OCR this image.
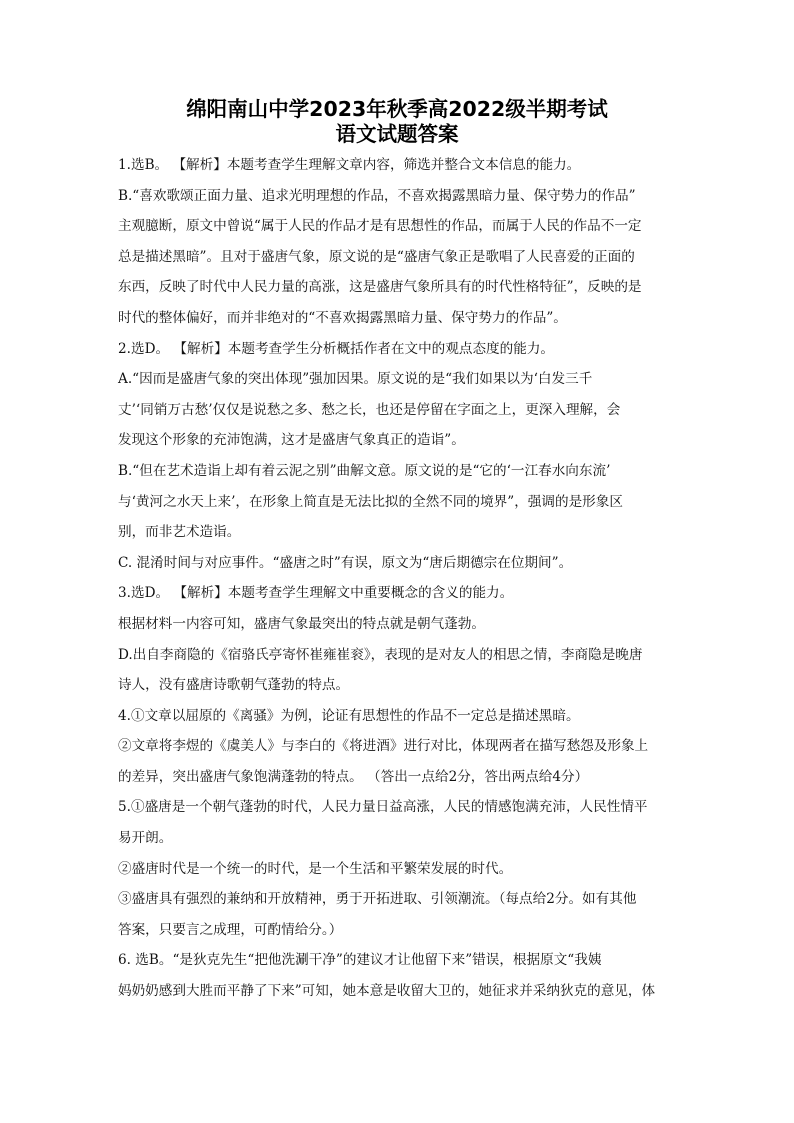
绵阳南山中学2023年秋季高2022级半期考试
语文试题答案

1.选B。 【解析】本题考查学生理解文章内容，筛选并整合文本信息的能力。

B.“喜欢歌颂正面力量、追求光明理想的作品，不喜欢揭露黑暗力量、保守势力的作品”

主观臆断，原文中曾说“属于人民的作品才是有思想性的作品，而属于人民的作品不一定

总是描述黑暗”。且对于盛唐气象，原文说的是“盛唐气象正是歌唱了人民喜爱的正面的

东西，反映了时代中人民力量的高涨，这是盛唐气象所具有的时代性格特征”，反映的是

时代的整体偏好，而并非绝对的“不喜欢揭露黑暗力量、保守势力的作品”。

2.选D。 【解析】本题考查学生分析概括作者在文中的观点态度的能力。

A.“因而是盛唐气象的突出体现”强加因果。原文说的是“我们如果以为‘白发三千

丈’‘同销万古愁’仅仅是说愁之多、愁之长，也还是停留在字面之上，更深入理解，会

发现这个形象的充沛饱满，这才是盛唐气象真正的造诣”。

B.“但在艺术造诣上却有着云泥之别”曲解文意。原文说的是“它的‘一江春水向东流’

与‘黄河之水天上来’，在形象上简直是无法比拟的全然不同的境界”，强调的是形象区

别，而非艺术造诣。

C. 混淆时间与对应事件。“盛唐之时”有误，原文为“唐后期德宗在位期间”。

3.选D。 【解析】本题考查学生理解文中重要概念的含义的能力。

根据材料一内容可知，盛唐气象最突出的特点就是朝气蓬勃。

D.出自李商隐的《宿骆氏亭寄怀崔雍崔衮》，表现的是对友人的相思之情，李商隐是晚唐

诗人，没有盛唐诗歌朝气蓬勃的特点。

4.①文章以屈原的《离骚》为例，论证有思想性的作品不一定总是描述黑暗。

②文章将李煜的《虞美人》与李白的《将进酒》进行对比，体现两者在描写愁怨及形象上

的差异，突出盛唐气象饱满蓬勃的特点。 （答出一点给2分，答出两点给4分）

5.①盛唐是一个朝气蓬勃的时代，人民力量日益高涨，人民的情感饱满充沛，人民性情平

易开朗。

②盛唐时代是一个统一的时代，是一个生活和平繁荣发展的时代。

③盛唐具有强烈的兼纳和开放精神，勇于开拓进取、引领潮流。（每点给2分。如有其他

答案，只要言之成理，可酌情给分。）

6. 选B。“是狄克先生“把他洗涮干净”的建议才让他留下来”错误，根据原文“我姨

妈奶奶感到大胜而平静了下来”可知，她本意是收留大卫的，她征求并采纳狄克的意见，体
